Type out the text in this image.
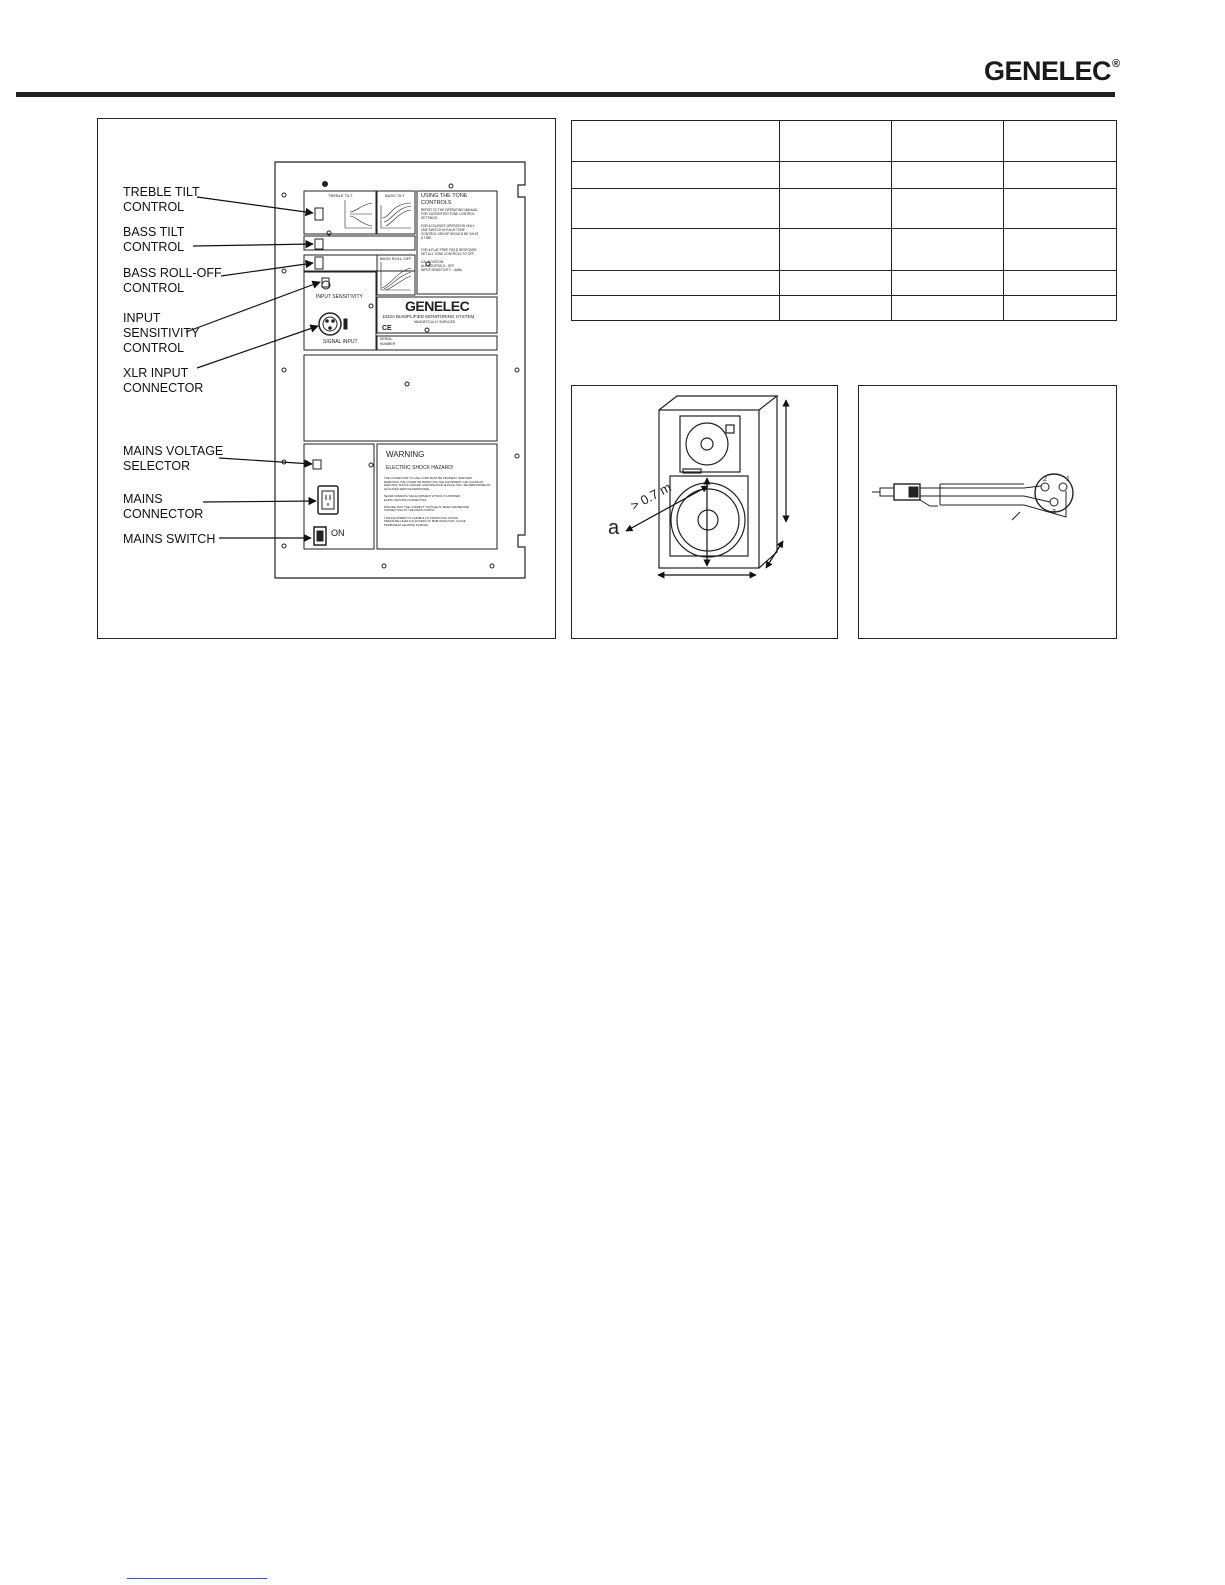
GENELEC®
TREBLE TILT
CONTROL
BASS TILT
CONTROL
BASS ROLL-OFF
CONTROL
INPUT
SENSITIVITY
CONTROL
XLR INPUT
CONNECTOR
MAINS VOLTAGE
SELECTOR
MAINS
CONNECTOR
MAINS SWITCH
TREBLE TILT	BASS TILT
BASS ROLL-OFF
INPUT SENSITIVITY
SIGNAL INPUT
USING THE TONE
CONTROLS
REFER TO THE OPERATING MANUAL
FOR SUGGESTED TONE CONTROL
SETTINGS.

FOR ACCURATE OPERATION ONLY
ONE SWITCH IN EACH TONE
CONTROL GROUP SHOULD BE ON AT
A TIME.

FOR A FLAT FREE FIELD RESPONSE
SET ALL TONE CONTROLS TO OFF.

CAL POSITION:
ALL CONTROLS : OFF
INPUT SENSITIVITY : -6dBu
GENELEC
1032A BIAMPLIFIED MONITORING SYSTEM
MAGNETICALLY SHIELDED
CE
SERIAL
NUMBER
WARNING
ELECTRIC SHOCK HAZARD!
THE CONNECTOR TO LINE CORD MUST BE PROPERLY EARTHED.
REMOVING THE COVER OR MODIFYING THE EQUIPMENT CAN CAUSE AN
ELECTRIC SHOCK HAZARD. MAINTENANCE SHOULD ONLY BE PERFORMED BY
QUALIFIED SERVICE PERSONNEL.

NEVER OPERATE THE EQUIPMENT WITHOUT A PROPER
EARTH GROUND CONNECTION.

ENSURE THAT THE CORRECT VOLTAGE IS SELECTED BEFORE
CONNECTING TO THE MAINS SUPPLY.

THIS EQUIPMENT IS CAPABLE OF PRODUCING SOUND
PRESSURE LEVELS IN EXCESS OF 85dB WHICH MAY CAUSE
PERMANENT HEARING DAMAGE.
ON

> 0.7 m
a
2	1
3
